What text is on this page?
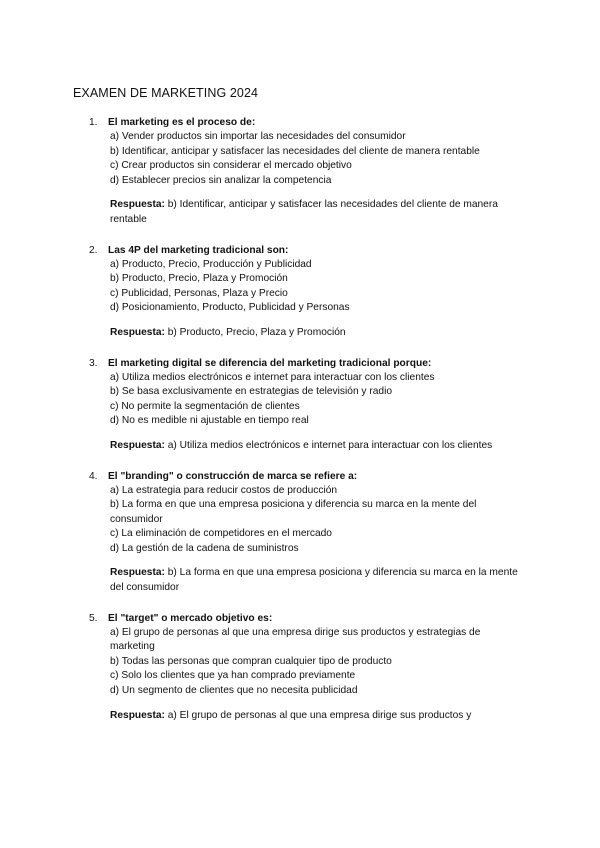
EXAMEN DE MARKETING 2024
1. El marketing es el proceso de:
a) Vender productos sin importar las necesidades del consumidor
b) Identificar, anticipar y satisfacer las necesidades del cliente de manera rentable
c) Crear productos sin considerar el mercado objetivo
d) Establecer precios sin analizar la competencia

Respuesta: b) Identificar, anticipar y satisfacer las necesidades del cliente de manera rentable

2. Las 4P del marketing tradicional son:
a) Producto, Precio, Producción y Publicidad
b) Producto, Precio, Plaza y Promoción
c) Publicidad, Personas, Plaza y Precio
d) Posicionamiento, Producto, Publicidad y Personas

Respuesta: b) Producto, Precio, Plaza y Promoción

3. El marketing digital se diferencia del marketing tradicional porque:
a) Utiliza medios electrónicos e internet para interactuar con los clientes
b) Se basa exclusivamente en estrategias de televisión y radio
c) No permite la segmentación de clientes
d) No es medible ni ajustable en tiempo real

Respuesta: a) Utiliza medios electrónicos e internet para interactuar con los clientes

4. El "branding" o construcción de marca se refiere a:
a) La estrategia para reducir costos de producción
b) La forma en que una empresa posiciona y diferencia su marca en la mente del consumidor
c) La eliminación de competidores en el mercado
d) La gestión de la cadena de suministros

Respuesta: b) La forma en que una empresa posiciona y diferencia su marca en la mente del consumidor

5. El "target" o mercado objetivo es:
a) El grupo de personas al que una empresa dirige sus productos y estrategias de marketing
b) Todas las personas que compran cualquier tipo de producto
c) Solo los clientes que ya han comprado previamente
d) Un segmento de clientes que no necesita publicidad

Respuesta: a) El grupo de personas al que una empresa dirige sus productos y
